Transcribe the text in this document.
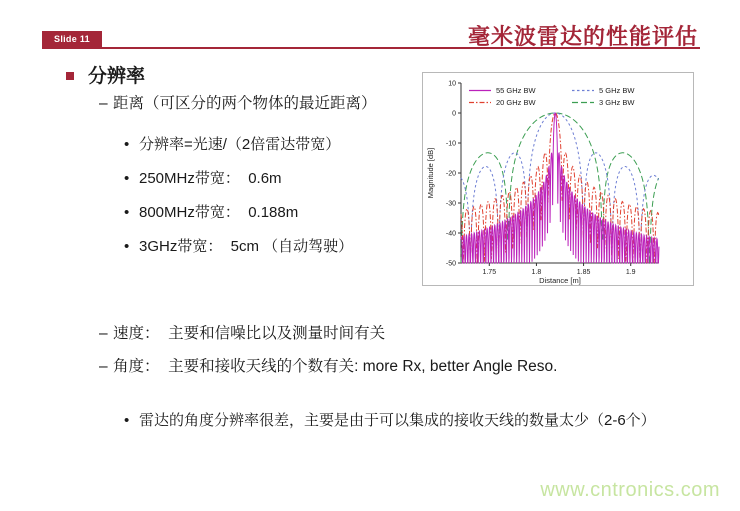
Slide 11	毫米波雷达的性能评估
分辨率
– 距离（可区分的两个物体的最近距离）
• 分辨率=光速/（2倍雷达带宽）
• 250MHz带宽：  0.6m
• 800MHz带宽：  0.188m
• 3GHz带宽：  5cm （自动驾驶）
10
0
-10
-20
-30
-40
-50
1.75	1.8	1.85	1.9
Distance [m]
Magnitude [dB]
55 GHz BW
20 GHz BW
5 GHz BW
3 GHz BW
– 速度：  主要和信噪比以及测量时间有关
– 角度：  主要和接收天线的个数有关: more Rx, better Angle Reso.
• 雷达的角度分辨率很差，主要是由于可以集成的接收天线的数量太少（2-6个）
www.cntronics.com
